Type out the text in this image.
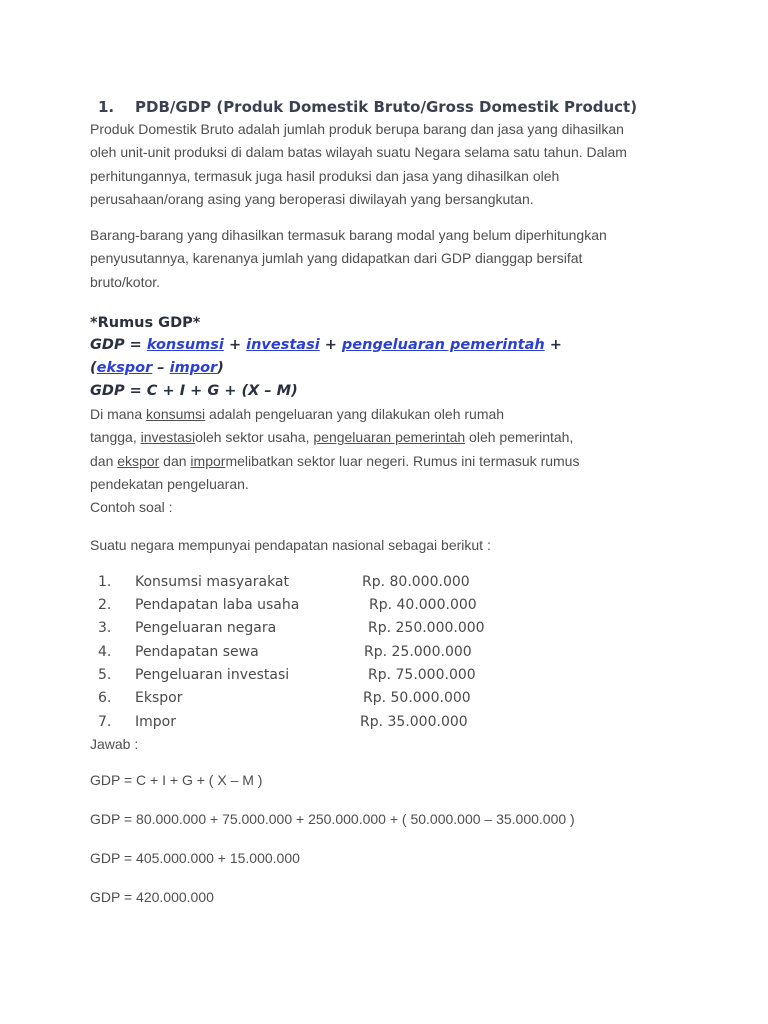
1. PDB/GDP (Produk Domestik Bruto/Gross Domestik Product)

Produk Domestik Bruto adalah jumlah produk berupa barang dan jasa yang dihasilkan

oleh unit-unit produksi di dalam batas wilayah suatu Negara selama satu tahun. Dalam

perhitungannya, termasuk juga hasil produksi dan jasa yang dihasilkan oleh

perusahaan/orang asing yang beroperasi diwilayah yang bersangkutan.

Barang-barang yang dihasilkan termasuk barang modal yang belum diperhitungkan

penyusutannya, karenanya jumlah yang didapatkan dari GDP dianggap bersifat

bruto/kotor.

*Rumus GDP*
GDP = konsumsi + investasi + pengeluaran pemerintah +
(ekspor – impor)
GDP = C + I + G + (X – M)

Di mana konsumsi adalah pengeluaran yang dilakukan oleh rumah

tangga, investasioleh sektor usaha, pengeluaran pemerintah oleh pemerintah,

dan ekspor dan impormelibatkan sektor luar negeri. Rumus ini termasuk rumus

pendekatan pengeluaran.

Contoh soal :

Suatu negara mempunyai pendapatan nasional sebagai berikut :

1. Konsumsi masyarakat	Rp. 80.000.000
2. Pendapatan laba usaha	Rp. 40.000.000
3. Pengeluaran negara	Rp. 250.000.000
4. Pendapatan sewa	Rp. 25.000.000
5. Pengeluaran investasi	Rp. 75.000.000
6. Ekspor	Rp. 50.000.000
7. Impor	Rp. 35.000.000

Jawab :

GDP = C + I + G + ( X – M )

GDP = 80.000.000 + 75.000.000 + 250.000.000 + ( 50.000.000 – 35.000.000 )

GDP = 405.000.000 + 15.000.000

GDP = 420.000.000
